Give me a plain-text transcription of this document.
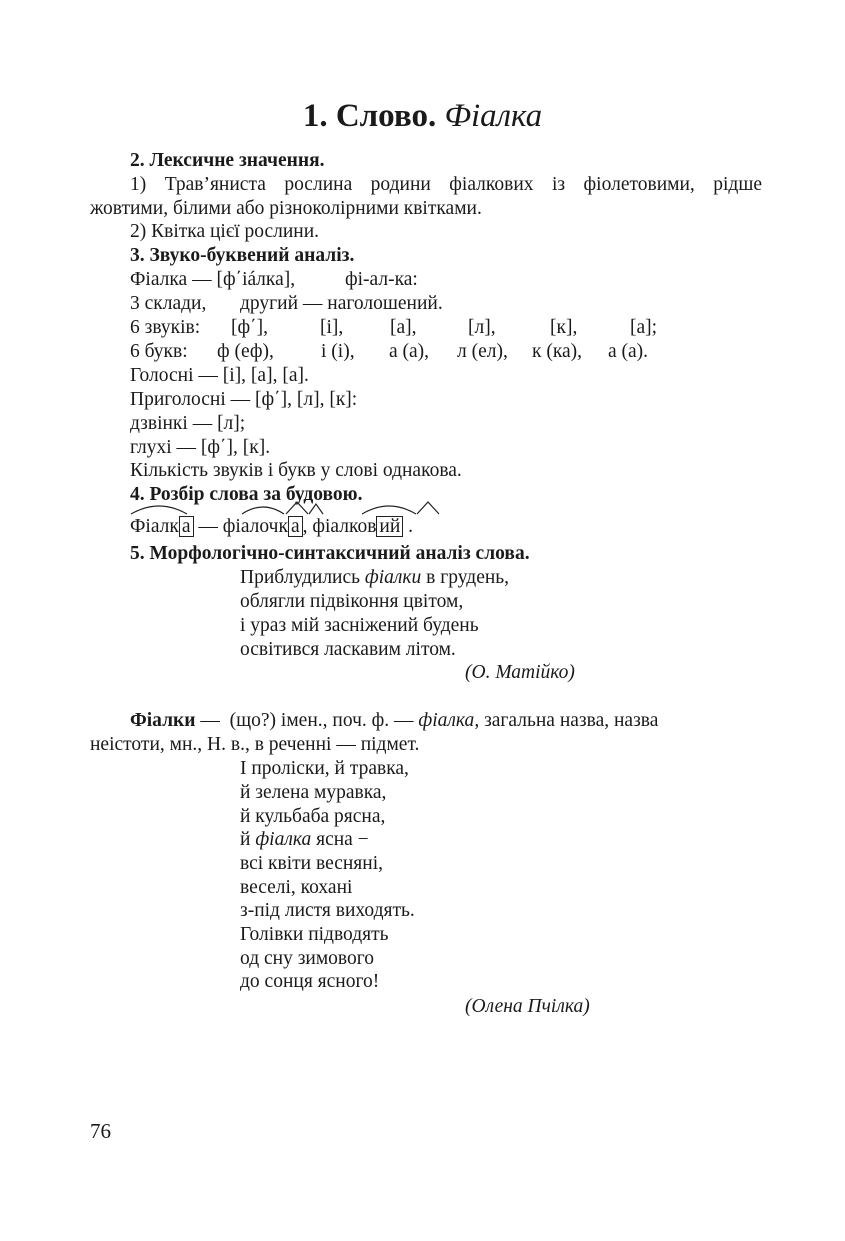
1. Слово. Фіалка
2. Лексичне значення.
1) Трав’яниста рослина родини фіалкових із фіолетовими, рідше
жовтими, білими або різноколірними квітками.
2) Квітка цієї рослини.
3. Звуко-буквений аналіз.
Фіалка — [ф΄іáлка],	фі-ал-ка:
3 склади, другий — наголошений.
6 звуків: [ф΄],	[і], [а],	[л],	[к],	[а];
6 букв: ф (еф), і (і), а (а), л (ел), к (ка), а (а).
Голосні — [і], [а], [а].
Приголосні — [ф΄], [л], [к]:
дзвінкі — [л];
глухі — [ф΄], [к].
Кількість звуків і букв у слові однакова.
4. Розбір слова за будовою.
Фіалк а — фіалочк а , фіалков ий .
5. Морфологічно-синтаксичний аналіз слова.
Приблудились фіалки в грудень,
облягли підвіконня цвітом,
і ураз мій засніжений будень
освітився ласкавим літом.
(О. Матійко)
Фіалки — (що?) імен., поч. ф. — фіалка, загальна назва, назва
неістоти, мн., Н. в., в реченні — підмет.
І проліски, й травка,
й зелена муравка,
й кульбаба рясна,
й фіалка ясна −
всі квіти весняні,
веселі, кохані
з-під листя виходять.
Голівки підводять
од сну зимового
до сонця ясного!
(Олена Пчілка)
76
